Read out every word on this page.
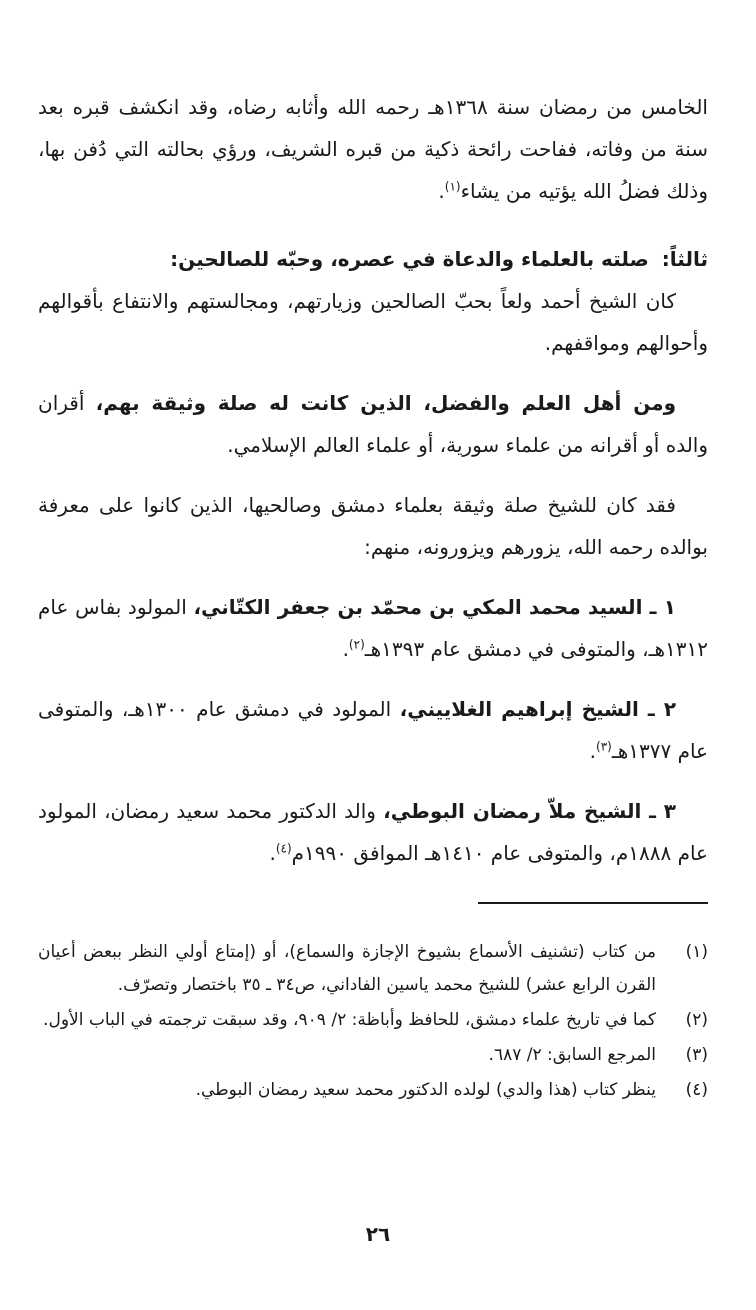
الخامس من رمضان سنة ١٣٦٨هـ رحمه الله وأثابه رضاه، وقد انكشف قبره بعد سنة من وفاته، ففاحت رائحة ذكية من قبره الشريف، ورؤي بحالته التي دُفن بها، وذلك فضلُ الله يؤتيه من يشاء$^{(١)}$.

ثالثاً: صلته بالعلماء والدعاة في عصره، وحبّه للصالحين:

كان الشيخ أحمد ولعاً بحبّ الصالحين وزيارتهم، ومجالستهم والانتفاع بأقوالهم وأحوالهم ومواقفهم.

ومن أهل العلم والفضل، الذين كانت له صلة وثيقة بهم، أقران والده أو أقرانه من علماء سورية، أو علماء العالم الإسلامي.

فقد كان للشيخ صلة وثيقة بعلماء دمشق وصالحيها، الذين كانوا على معرفة بوالده رحمه الله، يزورهم ويزورونه، منهم:

١ ـ السيد محمد المكي بن محمّد بن جعفر الكتّاني، المولود بفاس عام ١٣١٢هـ، والمتوفى في دمشق عام ١٣٩٣هـ$^{(٢)}$.

٢ ـ الشيخ إبراهيم الغلاييني، المولود في دمشق عام ١٣٠٠هـ، والمتوفى عام ١٣٧٧هـ$^{(٣)}$.

٣ ـ الشيخ ملاّ رمضان البوطي، والد الدكتور محمد سعيد رمضان، المولود عام ١٨٨٨م، والمتوفى عام ١٤١٠هـ الموافق ١٩٩٠م$^{(٤)}$.

(١)
من كتاب (تشنيف الأسماع بشيوخ الإجازة والسماع)، أو (إمتاع أولي النظر ببعض أعيان القرن الرابع عشر) للشيخ محمد ياسين الفاداني، ص٣٤ ـ ٣٥ باختصار وتصرّف.
(٢)
كما في تاريخ علماء دمشق، للحافظ وأباظة: ٢/ ٩٠٩، وقد سبقت ترجمته في الباب الأول.
(٣)
المرجع السابق: ٢/ ٦٨٧.
(٤)
ينظر كتاب (هذا والدي) لولده الدكتور محمد سعيد رمضان البوطي.
٢٦
